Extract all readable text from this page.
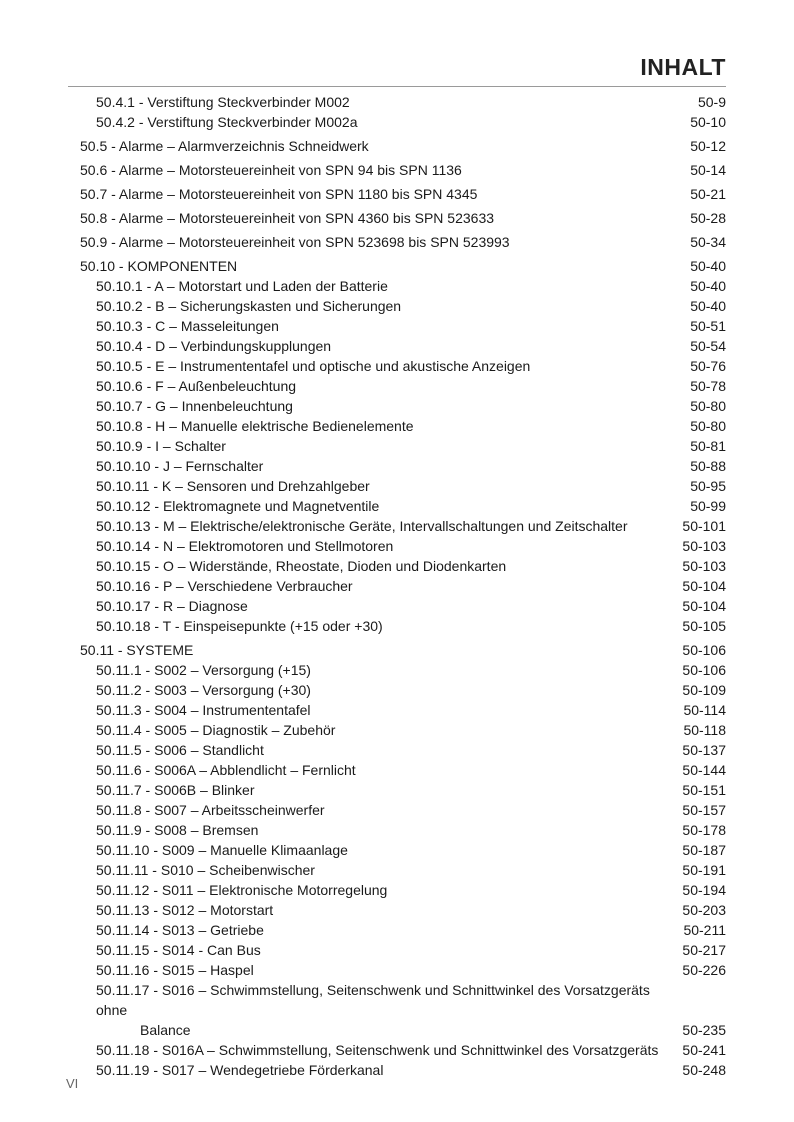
INHALT
50.4.1 - Verstiftung Steckverbinder M002	50-9
50.4.2 - Verstiftung Steckverbinder M002a	50-10
50.5 - Alarme – Alarmverzeichnis Schneidwerk	50-12
50.6 - Alarme – Motorsteuereinheit von SPN 94 bis SPN 1136	50-14
50.7 - Alarme – Motorsteuereinheit von SPN 1180 bis SPN 4345	50-21
50.8 - Alarme – Motorsteuereinheit von SPN 4360 bis SPN 523633	50-28
50.9 - Alarme – Motorsteuereinheit von SPN 523698 bis SPN 523993	50-34
50.10 - KOMPONENTEN	50-40
50.10.1 - A – Motorstart und Laden der Batterie	50-40
50.10.2 - B – Sicherungskasten und Sicherungen	50-40
50.10.3 - C – Masseleitungen	50-51
50.10.4 - D – Verbindungskupplungen	50-54
50.10.5 - E – Instrumententafel und optische und akustische Anzeigen	50-76
50.10.6 - F – Außenbeleuchtung	50-78
50.10.7 - G – Innenbeleuchtung	50-80
50.10.8 - H – Manuelle elektrische Bedienelemente	50-80
50.10.9 - I – Schalter	50-81
50.10.10 - J – Fernschalter	50-88
50.10.11 - K – Sensoren und Drehzahlgeber	50-95
50.10.12 - Elektromagnete und Magnetventile	50-99
50.10.13 - M – Elektrische/elektronische Geräte, Intervallschaltungen und Zeitschalter	50-101
50.10.14 - N – Elektromotoren und Stellmotoren	50-103
50.10.15 - O – Widerstände, Rheostate, Dioden und Diodenkarten	50-103
50.10.16 - P – Verschiedene Verbraucher	50-104
50.10.17 - R – Diagnose	50-104
50.10.18 - T - Einspeisepunkte (+15 oder +30)	50-105
50.11 - SYSTEME	50-106
50.11.1 - S002 – Versorgung (+15)	50-106
50.11.2 - S003 – Versorgung (+30)	50-109
50.11.3 - S004 – Instrumententafel	50-114
50.11.4 - S005 – Diagnostik – Zubehör	50-118
50.11.5 - S006 – Standlicht	50-137
50.11.6 - S006A – Abblendlicht – Fernlicht	50-144
50.11.7 - S006B – Blinker	50-151
50.11.8 - S007 – Arbeitsscheinwerfer	50-157
50.11.9 - S008 – Bremsen	50-178
50.11.10 - S009 – Manuelle Klimaanlage	50-187
50.11.11 - S010 – Scheibenwischer	50-191
50.11.12 - S011 – Elektronische Motorregelung	50-194
50.11.13 - S012 – Motorstart	50-203
50.11.14 - S013 – Getriebe	50-211
50.11.15 - S014 - Can Bus	50-217
50.11.16 - S015 – Haspel	50-226
50.11.17 - S016 – Schwimmstellung, Seitenschwenk und Schnittwinkel des Vorsatzgeräts ohne
Balance	50-235
50.11.18 - S016A – Schwimmstellung, Seitenschwenk und Schnittwinkel des Vorsatzgeräts	50-241
50.11.19 - S017 – Wendegetriebe Förderkanal	50-248
VI
